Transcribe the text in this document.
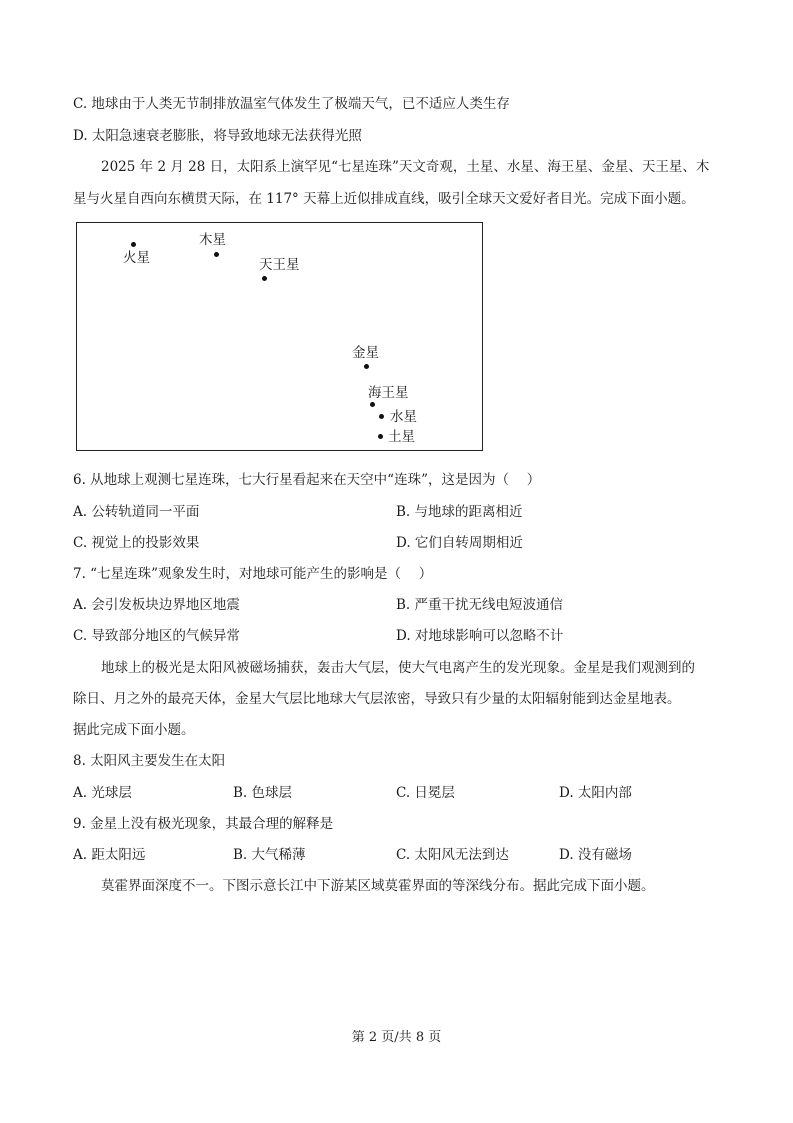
C. 地球由于人类无节制排放温室气体发生了极端天气，已不适应人类生存
D. 太阳急速衰老膨胀，将导致地球无法获得光照
2025 年 2 月 28 日，太阳系上演罕见“七星连珠”天文奇观，土星、水星、海王星、金星、天王星、木
星与火星自西向东横贯天际，在 117° 天幕上近似排成直线，吸引全球天文爱好者目光。完成下面小题。
火星
木星
天王星
金星
海王星
水星
土星
6. 从地球上观测七星连珠，七大行星看起来在天空中“连珠”，这是因为（　 ）
A. 公转轨道同一平面	B. 与地球的距离相近
C. 视觉上的投影效果	D. 它们自转周期相近
7. “七星连珠”观象发生时，对地球可能产生的影响是（　 ）
A. 会引发板块边界地区地震	B. 严重干扰无线电短波通信
C. 导致部分地区的气候异常	D. 对地球影响可以忽略不计
地球上的极光是太阳风被磁场捕获，轰击大气层，使大气电离产生的发光现象。金星是我们观测到的
除日、月之外的最亮天体，金星大气层比地球大气层浓密，导致只有少量的太阳辐射能到达金星地表。
据此完成下面小题。
8. 太阳风主要发生在太阳
A. 光球层	B. 色球层	C. 日冕层	D. 太阳内部
9. 金星上没有极光现象，其最合理的解释是
A. 距太阳远	B. 大气稀薄	C. 太阳风无法到达	D. 没有磁场
莫霍界面深度不一。下图示意长江中下游某区域莫霍界面的等深线分布。据此完成下面小题。
第 2 页/共 8 页
